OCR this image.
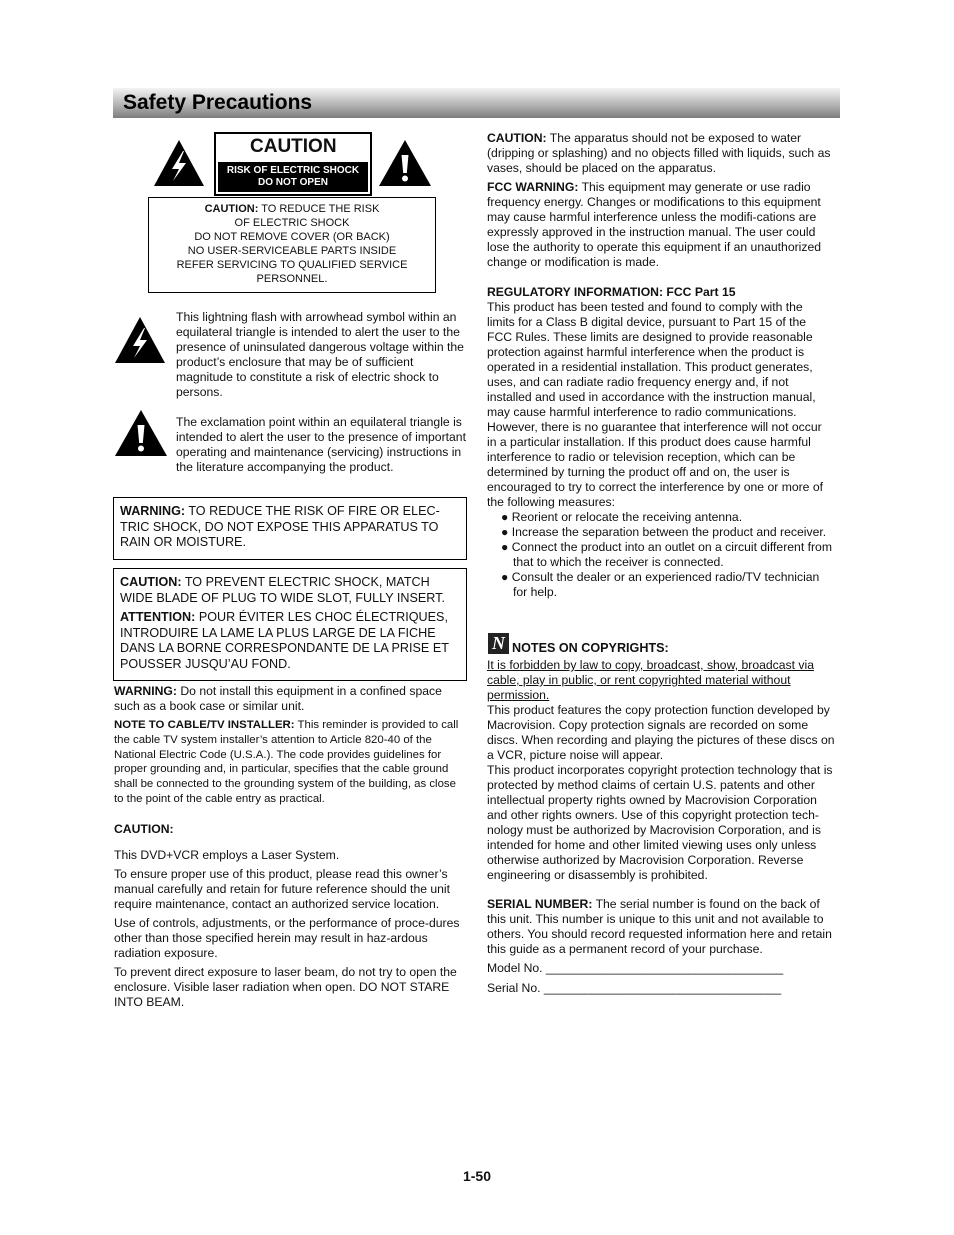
Safety Precautions
CAUTION
RISK OF ELECTRIC SHOCK
DO NOT OPEN
CAUTION: TO REDUCE THE RISK
OF ELECTRIC SHOCK
DO NOT REMOVE COVER (OR BACK)
NO USER-SERVICEABLE PARTS INSIDE
REFER SERVICING TO QUALIFIED SERVICE
PERSONNEL.
This lightning flash with arrowhead symbol within an equilateral triangle is intended to alert the user to the presence of uninsulated dangerous voltage within the product’s enclosure that may be of sufficient magnitude to constitute a risk of electric shock to persons.
The exclamation point within an equilateral triangle is intended to alert the user to the presence of important operating and maintenance (servicing) instructions in the literature accompanying the product.
WARNING: TO REDUCE THE RISK OF FIRE OR ELEC-TRIC SHOCK, DO NOT EXPOSE THIS APPARATUS TO RAIN OR MOISTURE.
CAUTION: TO PREVENT ELECTRIC SHOCK, MATCH WIDE BLADE OF PLUG TO WIDE SLOT, FULLY INSERT.
ATTENTION: POUR ÉVITER LES CHOC ÉLECTRIQUES, INTRODUIRE LA LAME LA PLUS LARGE DE LA FICHE DANS LA BORNE CORRESPONDANTE DE LA PRISE ET POUSSER JUSQU’AU FOND.
WARNING: Do not install this equipment in a confined space such as a book case or similar unit.
NOTE TO CABLE/TV INSTALLER: This reminder is provided to call the cable TV system installer’s attention to Article 820-40 of the National Electric Code (U.S.A.). The code provides guidelines for proper grounding and, in particular, specifies that the cable ground shall be connected to the grounding system of the building, as close to the point of the cable entry as practical.

CAUTION:

This DVD+VCR employs a Laser System.

To ensure proper use of this product, please read this owner’s manual carefully and retain for future reference should the unit require maintenance, contact an authorized service location.

Use of controls, adjustments, or the performance of proce-dures other than those specified herein may result in haz-ardous radiation exposure.

To prevent direct exposure to laser beam, do not try to open the enclosure. Visible laser radiation when open. DO NOT STARE INTO BEAM.

CAUTION: The apparatus should not be exposed to water (dripping or splashing) and no objects filled with liquids, such as vases, should be placed on the apparatus.
FCC WARNING: This equipment may generate or use radio frequency energy. Changes or modifications to this equipment may cause harmful interference unless the modifi-cations are expressly approved in the instruction manual. The user could lose the authority to operate this equipment if an unauthorized change or modification is made.

REGULATORY INFORMATION: FCC Part 15

This product has been tested and found to comply with the limits for a Class B digital device, pursuant to Part 15 of the FCC Rules. These limits are designed to provide reasonable protection against harmful interference when the product is operated in a residential installation. This product generates, uses, and can radiate radio frequency energy and, if not installed and used in accordance with the instruction manual, may cause harmful interference to radio communications. However, there is no guarantee that interference will not occur in a particular installation. If this product does cause harmful interference to radio or television reception, which can be determined by turning the product off and on, the user is encouraged to try to correct the interference by one or more of the following measures:

● Reorient or relocate the receiving antenna.
● Increase the separation between the product and receiver.
● Connect the product into an outlet on a circuit different from that to which the receiver is connected.
● Consult the dealer or an experienced radio/TV technician for help.
N NOTES ON COPYRIGHTS:

It is forbidden by law to copy, broadcast, show, broadcast via cable, play in public, or rent copyrighted material without permission.

This product features the copy protection function developed by Macrovision. Copy protection signals are recorded on some discs. When recording and playing the pictures of these discs on a VCR, picture noise will appear.

This product incorporates copyright protection technology that is protected by method claims of certain U.S. patents and other intellectual property rights owned by Macrovision Corporation and other rights owners. Use of this copyright protection tech-nology must be authorized by Macrovision Corporation, and is intended for home and other limited viewing uses only unless otherwise authorized by Macrovision Corporation. Reverse engineering or disassembly is prohibited.

SERIAL NUMBER: The serial number is found on the back of this unit. This number is unique to this unit and not available to others. You should record requested information here and retain this guide as a permanent record of your purchase.
Model No. ___________________________________
Serial No. ___________________________________
1-50
